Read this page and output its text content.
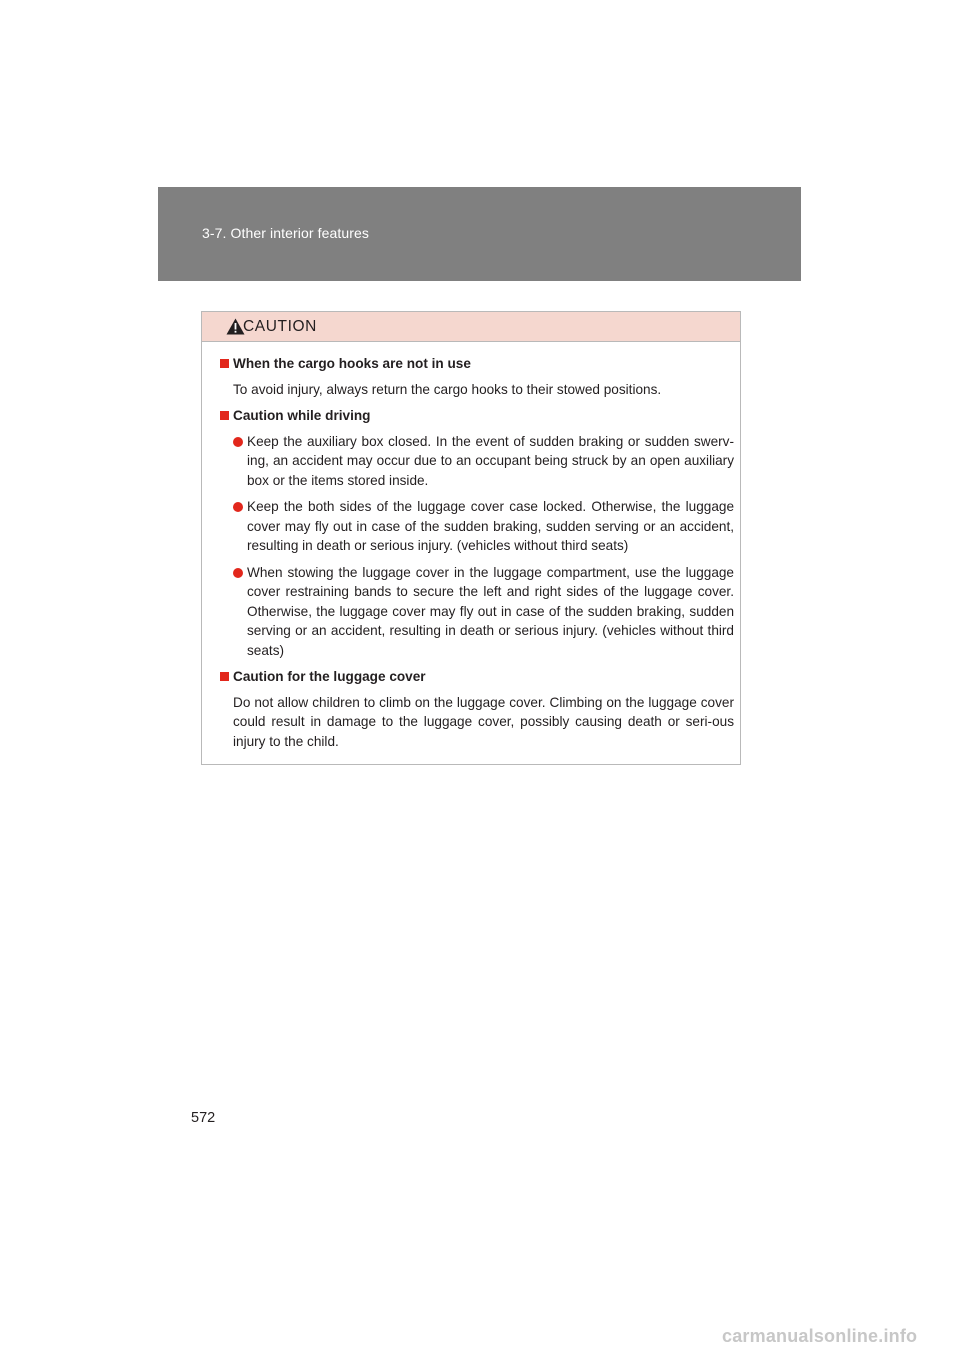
3-7. Other interior features
CAUTION
When the cargo hooks are not in use
To avoid injury, always return the cargo hooks to their stowed positions.
Caution while driving
Keep the auxiliary box closed. In the event of sudden braking or sudden swerv-ing, an accident may occur due to an occupant being struck by an open auxiliary box or the items stored inside.
Keep the both sides of the luggage cover case locked. Otherwise, the luggage cover may fly out in case of the sudden braking, sudden serving or an accident, resulting in death or serious injury. (vehicles without third seats)
When stowing the luggage cover in the luggage compartment, use the luggage cover restraining bands to secure the left and right sides of the luggage cover. Otherwise, the luggage cover may fly out in case of the sudden braking, sudden serving or an accident, resulting in death or serious injury. (vehicles without third seats)
Caution for the luggage cover
Do not allow children to climb on the luggage cover. Climbing on the luggage cover could result in damage to the luggage cover, possibly causing death or seri-ous injury to the child.
572
carmanualsonline.info
